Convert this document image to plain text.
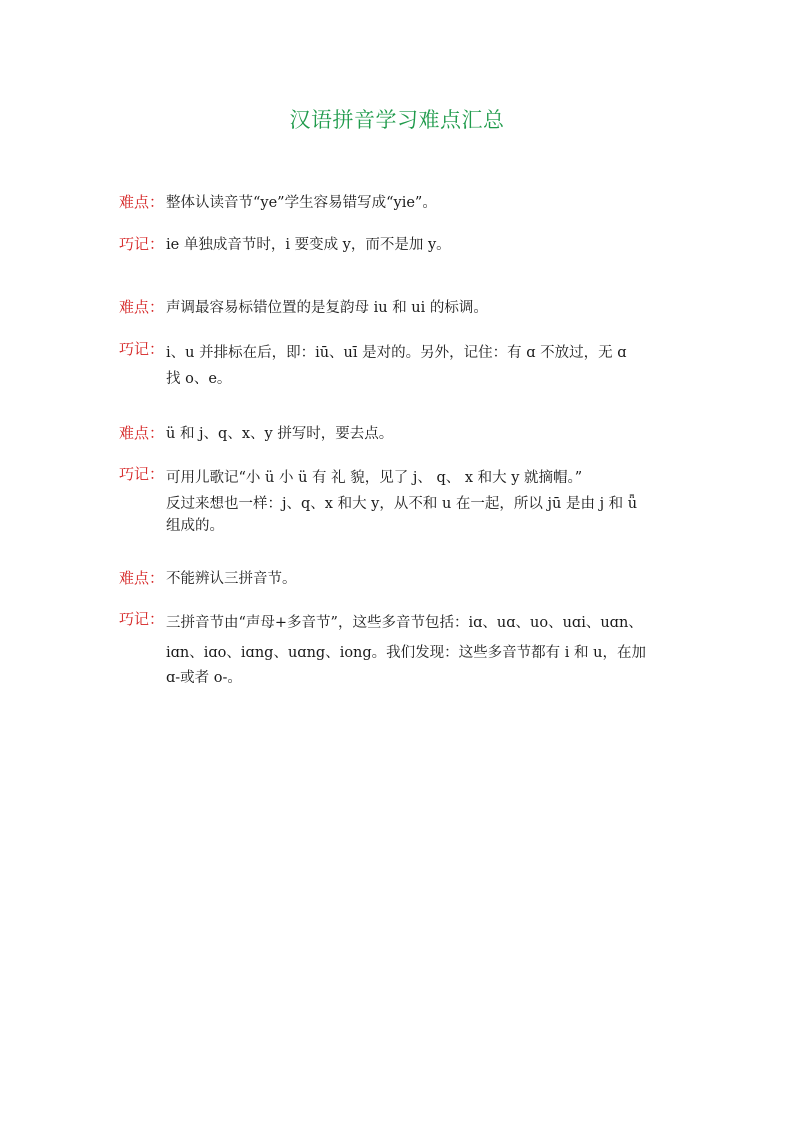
汉语拼音学习难点汇总
难点： 整体认读音节“ye”学生容易错写成“yie”。
巧记： ie 单独成音节时，i 要变成 y，而不是加 y。
难点： 声调最容易标错位置的是复韵母 iu 和 ui 的标调。
巧记： i、u 并排标在后，即：iū、uī 是对的。另外，记住：有 ɑ 不放过，无 ɑ
找 o、e。
难点： ü 和 j、q、x、y 拼写时，要去点。
巧记： 可用儿歌记“小 ü 小 ü 有 礼 貌，见了 j、 q、 x 和大 y 就摘帽。”
反过来想也一样：j、q、x 和大 y，从不和 u 在一起，所以 jū 是由 j 和 ǖ
组成的。
难点： 不能辨认三拼音节。
巧记： 三拼音节由“声母+多音节”，这些多音节包括：iɑ、uɑ、uo、uɑi、uɑn、
iɑn、iɑo、iɑng、uɑng、iong。我们发现：这些多音节都有 i 和 u，在加
ɑ-或者 o-。
